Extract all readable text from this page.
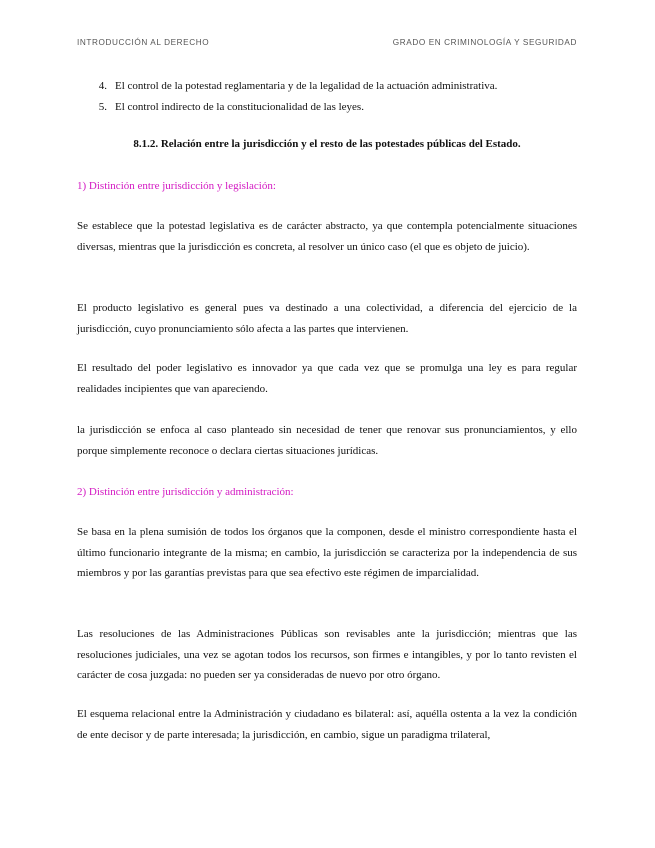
INTRODUCCIÓN AL DERECHO	GRADO EN CRIMINOLOGÍA Y SEGURIDAD
4. El control de la potestad reglamentaria y de la legalidad de la actuación administrativa.
5. El control indirecto de la constitucionalidad de las leyes.
8.1.2. Relación entre la jurisdicción y el resto de las potestades públicas del Estado.
1) Distinción entre jurisdicción y legislación:

Se establece que la potestad legislativa es de carácter abstracto, ya que contempla potencialmente situaciones diversas, mientras que la jurisdicción es concreta, al resolver un único caso (el que es objeto de juicio).

El producto legislativo es general pues va destinado a una colectividad, a diferencia del ejercicio de la jurisdicción, cuyo pronunciamiento sólo afecta a las partes que intervienen.

El resultado del poder legislativo es innovador ya que cada vez que se promulga una ley es para regular realidades incipientes que van apareciendo.

la jurisdicción se enfoca al caso planteado sin necesidad de tener que renovar sus pronunciamientos, y ello porque simplemente reconoce o declara ciertas situaciones jurídicas.

2) Distinción entre jurisdicción y administración:

Se basa en la plena sumisión de todos los órganos que la componen, desde el ministro correspondiente hasta el último funcionario integrante de la misma; en cambio, la jurisdicción se caracteriza por la independencia de sus miembros y por las garantías previstas para que sea efectivo este régimen de imparcialidad.

Las resoluciones de las Administraciones Públicas son revisables ante la jurisdicción; mientras que las resoluciones judiciales, una vez se agotan todos los recursos, son firmes e intangibles, y por lo tanto revisten el carácter de cosa juzgada: no pueden ser ya consideradas de nuevo por otro órgano.

El esquema relacional entre la Administración y ciudadano es bilateral: así, aquélla ostenta a la vez la condición de ente decisor y de parte interesada; la jurisdicción, en cambio, sigue un paradigma trilateral,
